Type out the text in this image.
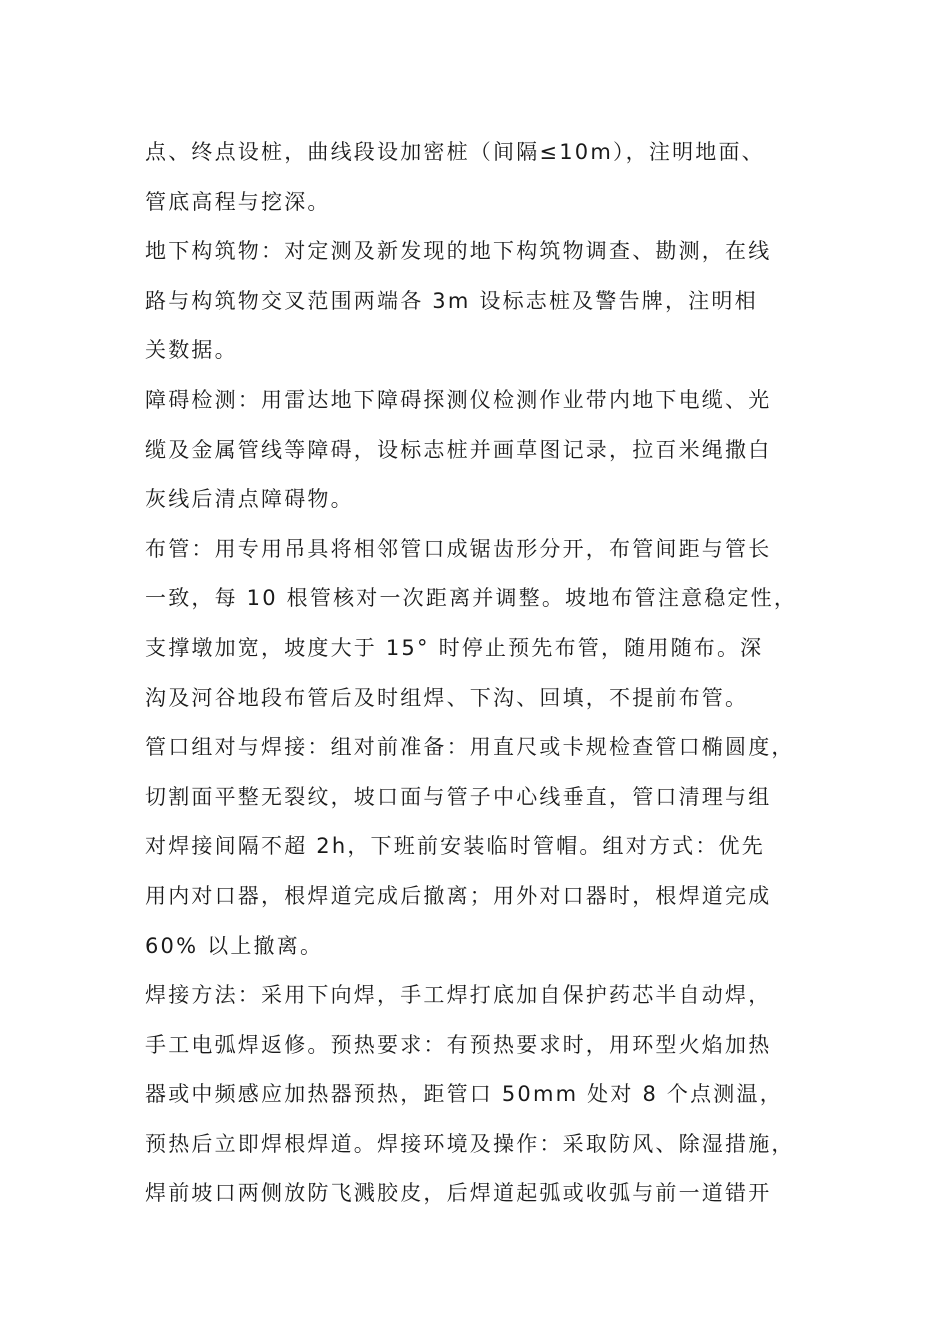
点、终点设桩，曲线段设加密桩（间隔≤10m），注明地面、
管底高程与挖深。
地下构筑物：对定测及新发现的地下构筑物调查、勘测，在线
路与构筑物交叉范围两端各 3m 设标志桩及警告牌，注明相
关数据。
障碍检测：用雷达地下障碍探测仪检测作业带内地下电缆、光
缆及金属管线等障碍，设标志桩并画草图记录，拉百米绳撒白
灰线后清点障碍物。
布管：用专用吊具将相邻管口成锯齿形分开，布管间距与管长
一致，每 10 根管核对一次距离并调整。坡地布管注意稳定性，
支撑墩加宽，坡度大于 15° 时停止预先布管，随用随布。深
沟及河谷地段布管后及时组焊、下沟、回填，不提前布管。
管口组对与焊接：组对前准备：用直尺或卡规检查管口椭圆度，
切割面平整无裂纹，坡口面与管子中心线垂直，管口清理与组
对焊接间隔不超 2h，下班前安装临时管帽。组对方式：优先
用内对口器，根焊道完成后撤离；用外对口器时，根焊道完成
60% 以上撤离。
焊接方法：采用下向焊，手工焊打底加自保护药芯半自动焊，
手工电弧焊返修。预热要求：有预热要求时，用环型火焰加热
器或中频感应加热器预热，距管口 50mm 处对 8 个点测温，
预热后立即焊根焊道。焊接环境及操作：采取防风、除湿措施，
焊前坡口两侧放防飞溅胶皮，后焊道起弧或收弧与前一道错开
